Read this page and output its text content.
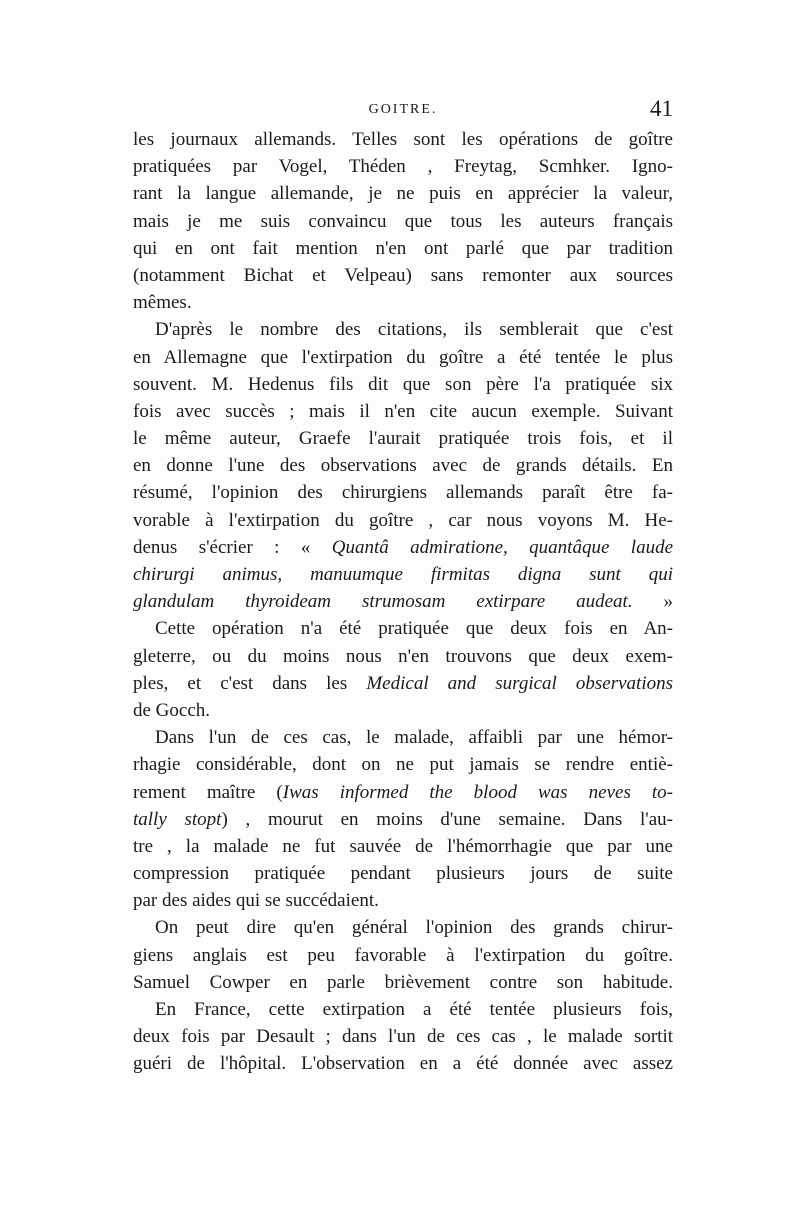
GOITRE.	41
les journaux allemands. Telles sont les opérations de goître
pratiquées par Vogel, Théden , Freytag, Scmhker. Igno-
rant la langue allemande, je ne puis en apprécier la valeur,
mais je me suis convaincu que tous les auteurs français
qui en ont fait mention n'en ont parlé que par tradition
(notamment Bichat et Velpeau) sans remonter aux sources
mêmes.
D'après le nombre des citations, ils semblerait que c'est
en Allemagne que l'extirpation du goître a été tentée le plus
souvent. M. Hedenus fils dit que son père l'a pratiquée six
fois avec succès ; mais il n'en cite aucun exemple. Suivant
le même auteur, Graefe l'aurait pratiquée trois fois, et il
en donne l'une des observations avec de grands détails. En
résumé, l'opinion des chirurgiens allemands paraît être fa-
vorable à l'extirpation du goître , car nous voyons M. He-
denus s'écrier : « Quantâ admiratione, quantâque laude
chirurgi animus, manuumque firmitas digna sunt qui
glandulam thyroideam strumosam extirpare audeat. »
Cette opération n'a été pratiquée que deux fois en An-
gleterre, ou du moins nous n'en trouvons que deux exem-
ples, et c'est dans les Medical and surgical observations
de Gocch.
Dans l'un de ces cas, le malade, affaibli par une hémor-
rhagie considérable, dont on ne put jamais se rendre entiè-
rement maître (Iwas informed the blood was neves to-
tally stopt) , mourut en moins d'une semaine. Dans l'au-
tre , la malade ne fut sauvée de l'hémorrhagie que par une
compression pratiquée pendant plusieurs jours de suite
par des aides qui se succédaient.
On peut dire qu'en général l'opinion des grands chirur-
giens anglais est peu favorable à l'extirpation du goître.
Samuel Cowper en parle brièvement contre son habitude.
En France, cette extirpation a été tentée plusieurs fois,
deux fois par Desault ; dans l'un de ces cas , le malade sortit
guéri de l'hôpital. L'observation en a été donnée avec assez
